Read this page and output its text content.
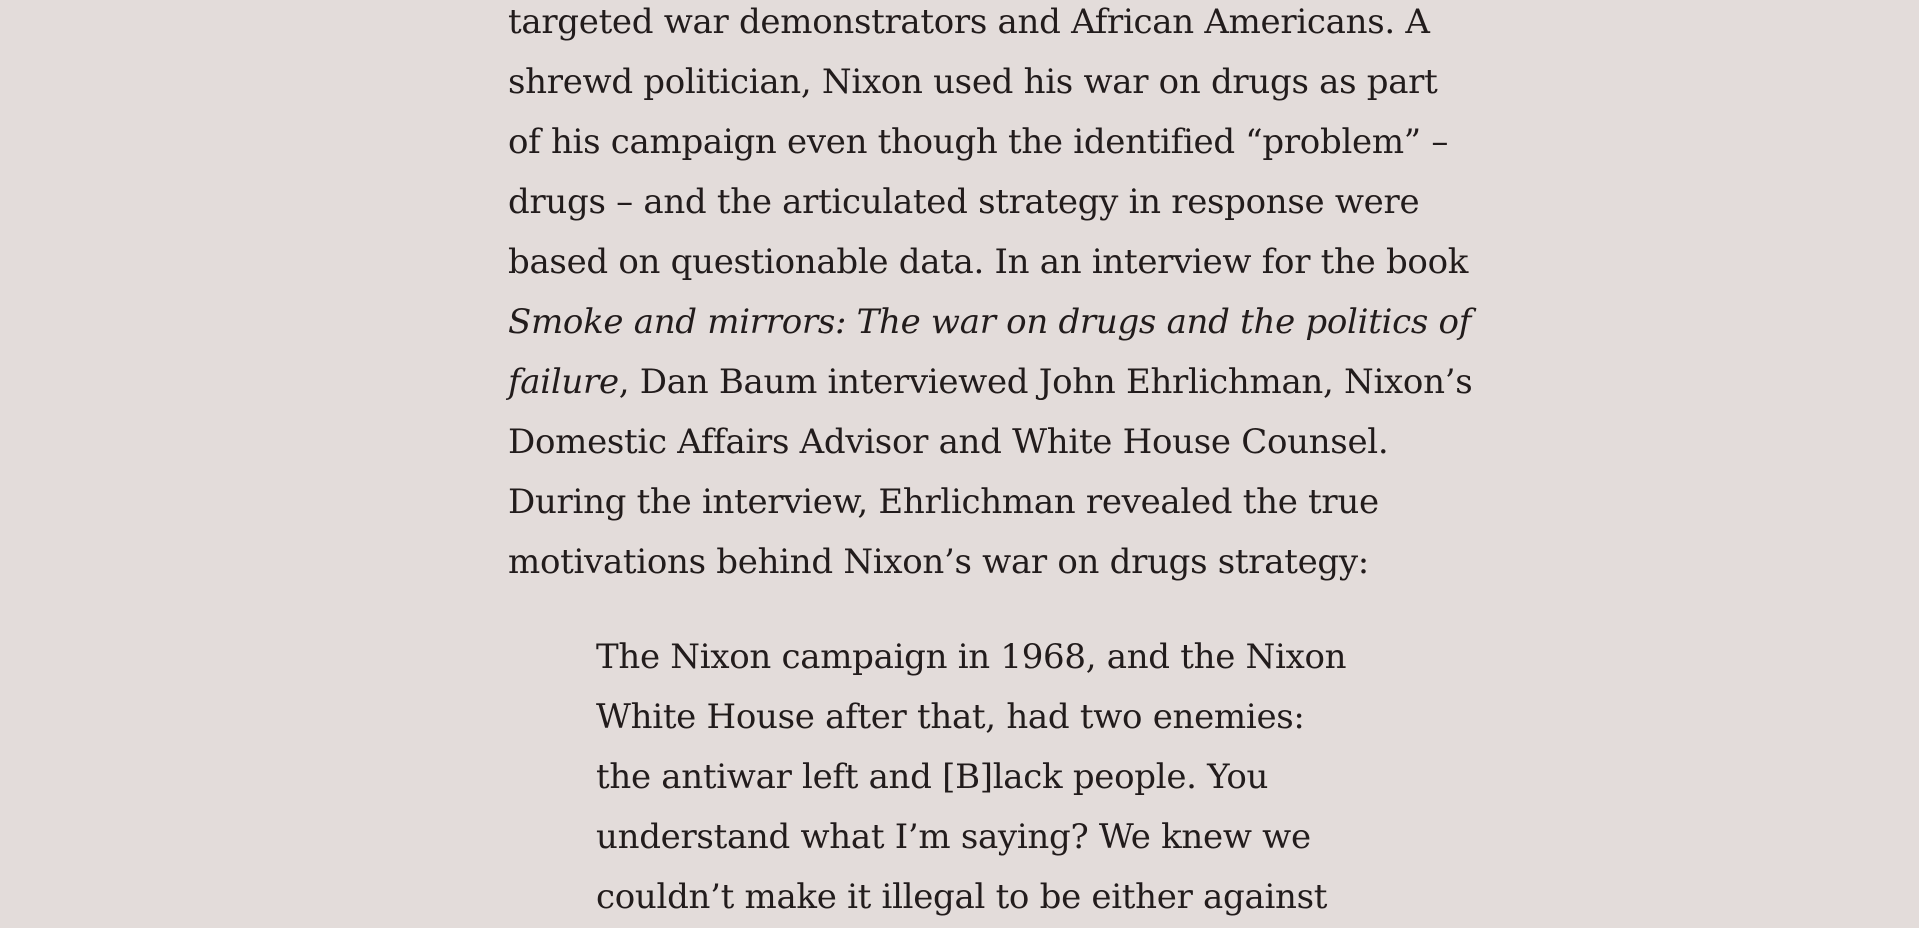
targeted war demonstrators and African Americans. A
shrewd politician, Nixon used his war on drugs as part
of his campaign even though the identified “problem” –
drugs – and the articulated strategy in response were
based on questionable data. In an interview for the book
Smoke and mirrors: The war on drugs and the politics of
failure, Dan Baum interviewed John Ehrlichman, Nixon’s
Domestic Affairs Advisor and White House Counsel.
During the interview, Ehrlichman revealed the true
motivations behind Nixon’s war on drugs strategy:
The Nixon campaign in 1968, and the Nixon
White House after that, had two enemies:
the antiwar left and [B]lack people. You
understand what I’m saying? We knew we
couldn’t make it illegal to be either against
